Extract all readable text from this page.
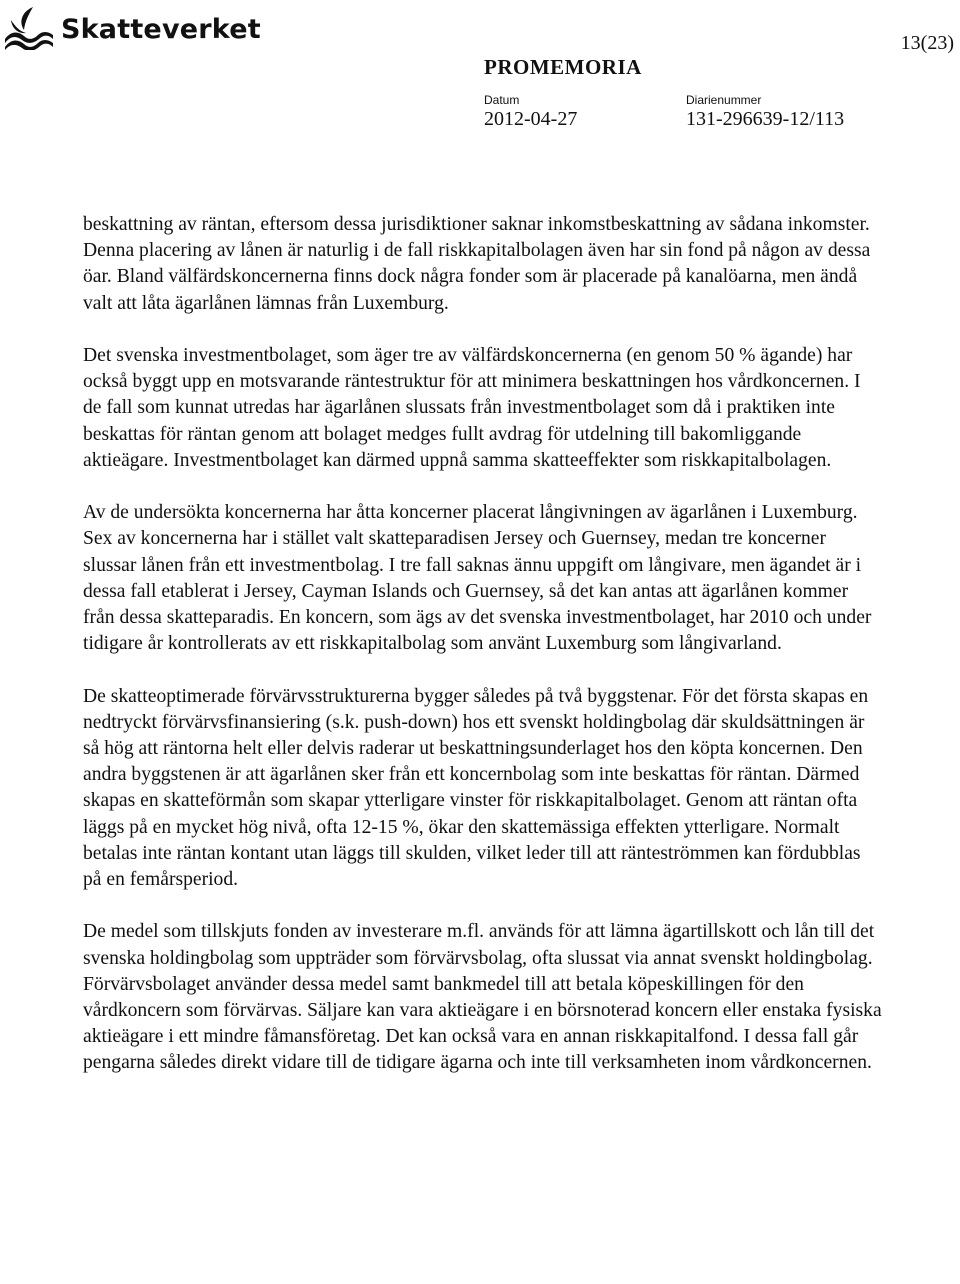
Skatteverket	13(23)
PROMEMORIA
Datum	Diarienummer
2012-04-27	131-296639-12/113

beskattning av räntan, eftersom dessa jurisdiktioner saknar inkomstbeskattning av sådana inkomster. Denna placering av lånen är naturlig i de fall riskkapitalbolagen även har sin fond på någon av dessa öar. Bland välfärdskoncernerna finns dock några fonder som är placerade på kanalöarna, men ändå valt att låta ägarlånen lämnas från Luxemburg.

Det svenska investmentbolaget, som äger tre av välfärdskoncernerna (en genom 50 % ägande) har också byggt upp en motsvarande räntestruktur för att minimera beskattningen hos vårdkoncernen. I de fall som kunnat utredas har ägarlånen slussats från investmentbolaget som då i praktiken inte beskattas för räntan genom att bolaget medges fullt avdrag för utdelning till bakomliggande aktieägare. Investmentbolaget kan därmed uppnå samma skatteeffekter som riskkapitalbolagen.

Av de undersökta koncernerna har åtta koncerner placerat långivningen av ägarlånen i Luxemburg. Sex av koncernerna har i stället valt skatteparadisen Jersey och Guernsey, medan tre koncerner slussar lånen från ett investmentbolag. I tre fall saknas ännu uppgift om långivare, men ägandet är i dessa fall etablerat i Jersey, Cayman Islands och Guernsey, så det kan antas att ägarlånen kommer från dessa skatteparadis. En koncern, som ägs av det svenska investmentbolaget, har 2010 och under tidigare år kontrollerats av ett riskkapitalbolag som använt Luxemburg som långivarland.

De skatteoptimerade förvärvsstrukturerna bygger således på två byggstenar. För det första skapas en nedtryckt förvärvsfinansiering (s.k. push-down) hos ett svenskt holdingbolag där skuldsättningen är så hög att räntorna helt eller delvis raderar ut beskattningsunderlaget hos den köpta koncernen. Den andra byggstenen är att ägarlånen sker från ett koncernbolag som inte beskattas för räntan. Därmed skapas en skatteförmån som skapar ytterligare vinster för riskkapitalbolaget. Genom att räntan ofta läggs på en mycket hög nivå, ofta 12-15 %, ökar den skattemässiga effekten ytterligare. Normalt betalas inte räntan kontant utan läggs till skulden, vilket leder till att ränteströmmen kan fördubblas på en femårsperiod.

De medel som tillskjuts fonden av investerare m.fl. används för att lämna ägartillskott och lån till det svenska holdingbolag som uppträder som förvärvsbolag, ofta slussat via annat svenskt holdingbolag. Förvärvsbolaget använder dessa medel samt bankmedel till att betala köpeskillingen för den vårdkoncern som förvärvas. Säljare kan vara aktieägare i en börsnoterad koncern eller enstaka fysiska aktieägare i ett mindre fåmansföretag. Det kan också vara en annan riskkapitalfond. I dessa fall går pengarna således direkt vidare till de tidigare ägarna och inte till verksamheten inom vårdkoncernen.
